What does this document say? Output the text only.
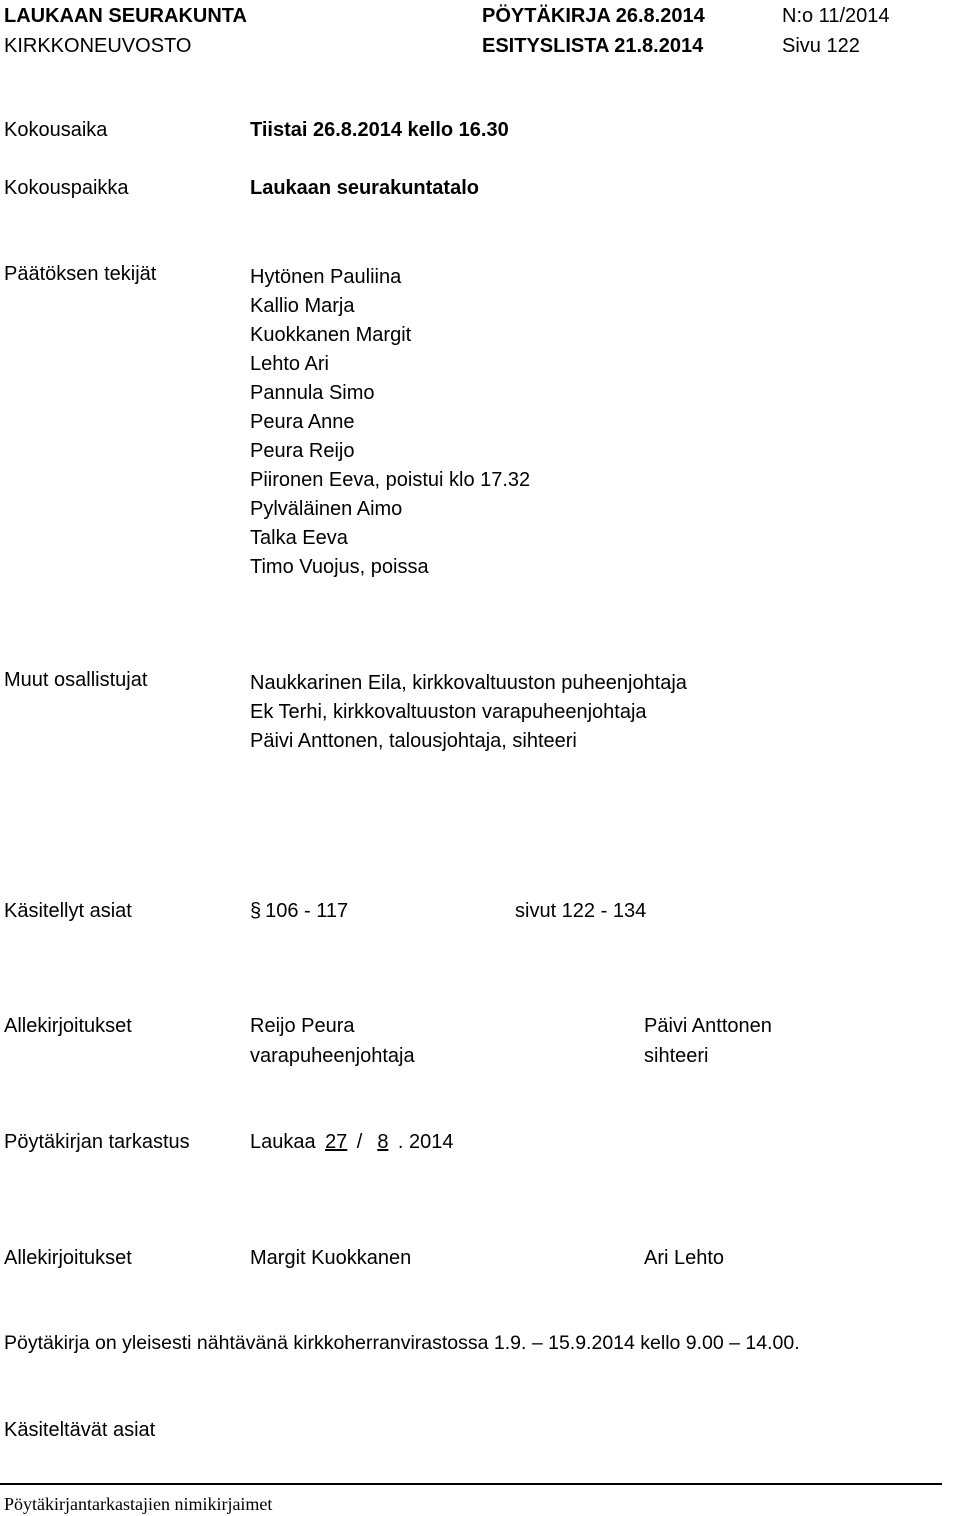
LAUKAAN SEURAKUNTA	PÖYTÄKIRJA 26.8.2014	N:o 11/2014
KIRKKONEUVOSTO	ESITYSLISTA 21.8.2014	Sivu 122
Kokousaika	Tiistai 26.8.2014 kello 16.30
Kokouspaikka	Laukaan seurakuntatalo
Päätöksen tekijät	Hytönen Pauliina
Kallio Marja
Kuokkanen Margit
Lehto Ari
Pannula Simo
Peura Anne
Peura Reijo
Piironen Eeva, poistui klo 17.32
Pylväläinen Aimo
Talka Eeva
Timo Vuojus, poissa
Muut osallistujat	Naukkarinen Eila, kirkkovaltuuston puheenjohtaja
Ek Terhi, kirkkovaltuuston varapuheenjohtaja
Päivi Anttonen, talousjohtaja, sihteeri
Käsitellyt asiat	§ 106 - 117	sivut 122 - 134
Allekirjoitukset	Reijo Peura	Päivi Anttonen
varapuheenjohtaja	sihteeri
Pöytäkirjan tarkastus	Laukaa 27 / 8 . 2014
Allekirjoitukset	Margit Kuokkanen	Ari Lehto
Pöytäkirja on yleisesti nähtävänä kirkkoherranvirastossa 1.9. – 15.9.2014 kello 9.00 – 14.00.
Käsiteltävät asiat
Pöytäkirjantarkastajien nimikirjaimet
